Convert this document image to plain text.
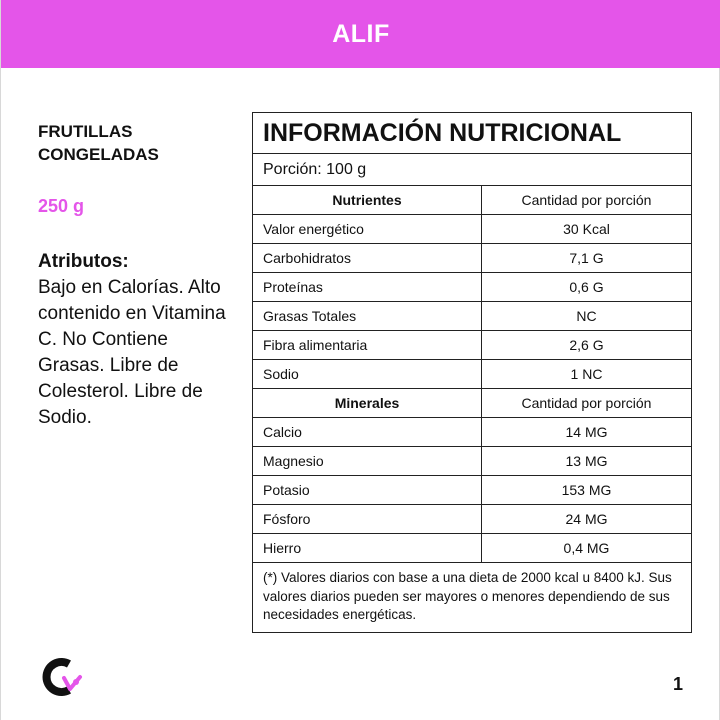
ALIF
FRUTILLAS CONGELADAS
250 g
Atributos:
Bajo en Calorías. Alto contenido en Vitamina C. No Contiene Grasas. Libre de Colesterol. Libre de Sodio.
INFORMACIÓN NUTRICIONAL
Porción: 100 g
Nutrientes	Cantidad por porción
Valor energético	30 Kcal
Carbohidratos	7,1 G
Proteínas	0,6 G
Grasas Totales	NC
Fibra alimentaria	2,6 G
Sodio	1 NC
Minerales	Cantidad por porción
Calcio	14 MG
Magnesio	13 MG
Potasio	153 MG
Fósforo	24 MG
Hierro	0,4 MG
(*) Valores diarios con base a una dieta de 2000 kcal u 8400 kJ. Sus valores diarios pueden ser mayores o menores dependiendo de sus necesidades energéticas.
1
